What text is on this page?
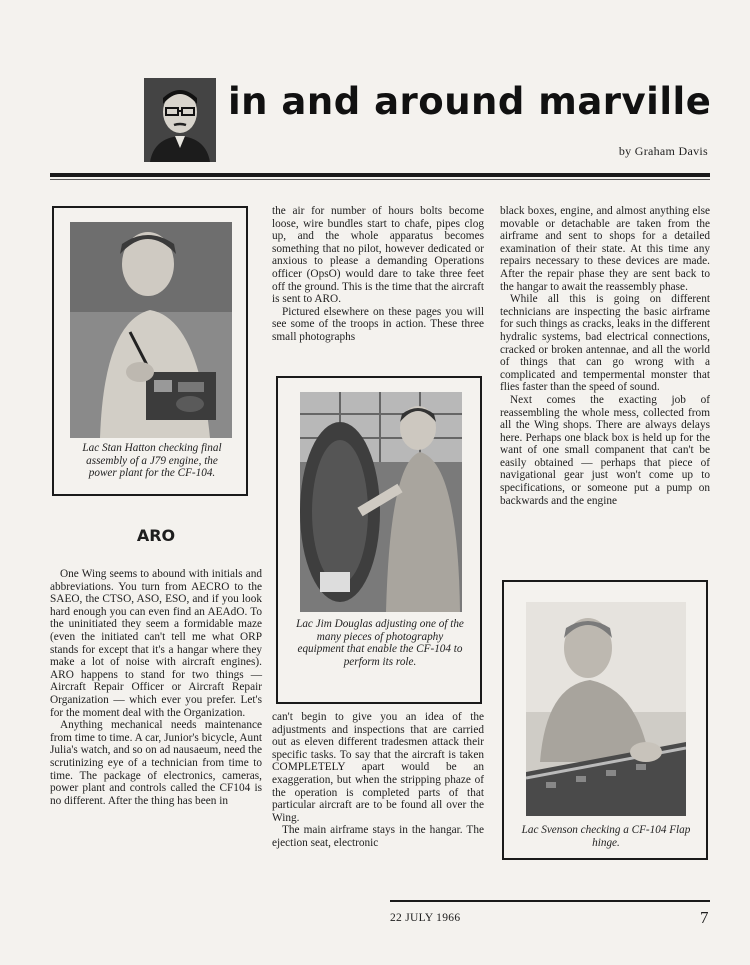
in and around marville
by Graham Davis
Lac Stan Hatton checking final assembly of a J79 engine, the power plant for the CF-104.
ARO

One Wing seems to abound with initials and abbreviations. You turn from AECRO to the SAEO, the CTSO, ASO, ESO, and if you look hard enough you can even find an AEAdO. To the uninitiated they seem a formidable maze (even the initiated can't tell me what ORP stands for except that it's a hangar where they make a lot of noise with aircraft engines). ARO happens to stand for two things — Aircraft Repair Officer or Aircraft Repair Organization — which ever you prefer. Let's for the moment deal with the Organization.

Anything mechanical needs maintenance from time to time. A car, Junior's bicycle, Aunt Julia's watch, and so on ad nausaeum, need the scrutinizing eye of a technician from time to time. The package of electronics, cameras, power plant and controls called the CF104 is no different. After the thing has been in

the air for number of hours bolts become loose, wire bundles start to chafe, pipes clog up, and the whole apparatus becomes something that no pilot, however dedicated or anxious to please a demanding Operations officer (OpsO) would dare to take three feet off the ground. This is the time that the aircraft is sent to ARO.

Pictured elsewhere on these pages you will see some of the troops in action. These three small photographs

Lac Jim Douglas adjusting one of the many pieces of photography equipment that enable the CF-104 to perform its role.

can't begin to give you an idea of the adjustments and inspections that are carried out as eleven different tradesmen attack their specific tasks. To say that the aircraft is taken COMPLETELY apart would be an exaggeration, but when the stripping phaze of the operation is completed parts of that particular aircraft are to be found all over the Wing.

The main airframe stays in the hangar. The ejection seat, electronic

black boxes, engine, and almost anything else movable or detachable are taken from the airframe and sent to shops for a detailed examination of their state. At this time any repairs necessary to these devices are made. After the repair phase they are sent back to the hangar to await the reassembly phase.

While all this is going on different technicians are inspecting the basic airframe for such things as cracks, leaks in the different hydralic systems, bad electrical connections, cracked or broken antennae, and all the world of things that can go wrong with a complicated and tempermental monster that flies faster than the speed of sound.

Next comes the exacting job of reassembling the whole mess, collected from all the Wing shops. There are always delays here. Perhaps one black box is held up for the want of one small companent that can't be easily obtained — perhaps that piece of navigational gear just won't come up to specifications, or someone put a pump on backwards and the engine

Lac Svenson checking a CF-104 Flap hinge.
22 JULY 1966	7
